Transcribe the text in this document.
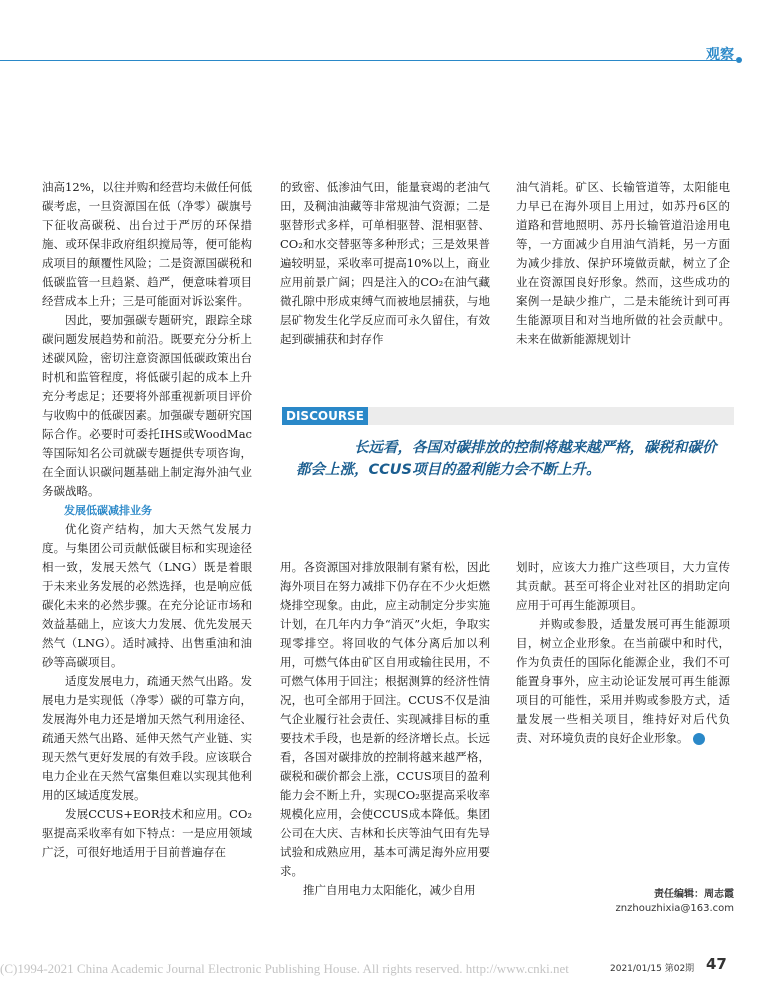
观察

油高12%，以往并购和经营均未做任何低碳考虑，一旦资源国在低（净零）碳旗号下征收高碳税、出台过于严厉的环保措施、或环保非政府组织搅局等，便可能构成项目的颠覆性风险；二是资源国碳税和低碳监管一旦趋紧、趋严，便意味着项目经营成本上升；三是可能面对诉讼案件。

因此，要加强碳专题研究，跟踪全球碳问题发展趋势和前沿。既要充分分析上述碳风险，密切注意资源国低碳政策出台时机和监管程度，将低碳引起的成本上升充分考虑足；还要将外部重视新项目评价与收购中的低碳因素。加强碳专题研究国际合作。必要时可委托IHS或WoodMac等国际知名公司就碳专题提供专项咨询，在全面认识碳问题基础上制定海外油气业务碳战略。

发展低碳减排业务

优化资产结构，加大天然气发展力度。与集团公司贡献低碳目标和实现途径相一致，发展天然气（LNG）既是着眼于未来业务发展的必然选择，也是响应低碳化未来的必然步骤。在充分论证市场和效益基础上，应该大力发展、优先发展天然气（LNG）。适时减持、出售重油和油砂等高碳项目。

适度发展电力，疏通天然气出路。发展电力是实现低（净零）碳的可靠方向，发展海外电力还是增加天然气利用途径、疏通天然气出路、延伸天然气产业链、实现天然气更好发展的有效手段。应该联合电力企业在天然气富集但难以实现其他利用的区域适度发展。

发展CCUS+EOR技术和应用。CO₂驱提高采收率有如下特点：一是应用领域广泛，可很好地适用于目前普遍存在

的致密、低渗油气田，能量衰竭的老油气田，及稠油油藏等非常规油气资源；二是驱替形式多样，可单相驱替、混相驱替、CO₂和水交替驱等多种形式；三是效果普遍较明显，采收率可提高10%以上，商业应用前景广阔；四是注入的CO₂在油气藏微孔隙中形成束缚气而被地层捕获，与地层矿物发生化学反应而可永久留住，有效起到碳捕获和封存作

油气消耗。矿区、长输管道等，太阳能电力早已在海外项目上用过，如苏丹6区的道路和营地照明、苏丹长输管道沿途用电等，一方面减少自用油气消耗，另一方面为减少排放、保护环境做贡献，树立了企业在资源国良好形象。然而，这些成功的案例一是缺少推广，二是未能统计到可再生能源项目和对当地所做的社会贡献中。未来在做新能源规划计

DISCOURSE
长远看，各国对碳排放的控制将越来越严格，碳税和碳价
都会上涨，CCUS项目的盈利能力会不断上升。

用。各资源国对排放限制有紧有松，因此海外项目在努力减排下仍存在不少火炬燃烧排空现象。由此，应主动制定分步实施计划，在几年内力争“消灭”火炬，争取实现零排空。将回收的气体分离后加以利用，可燃气体由矿区自用或输往民用，不可燃气体用于回注；根据测算的经济性情况，也可全部用于回注。CCUS不仅是油气企业履行社会责任、实现减排目标的重要技术手段，也是新的经济增长点。长远看，各国对碳排放的控制将越来越严格，碳税和碳价都会上涨，CCUS项目的盈利能力会不断上升，实现CO₂驱提高采收率规模化应用，会使CCUS成本降低。集团公司在大庆、吉林和长庆等油气田有先导试验和成熟应用，基本可满足海外应用要求。

推广自用电力太阳能化，减少自用

划时，应该大力推广这些项目，大力宣传其贡献。甚至可将企业对社区的捐助定向应用于可再生能源项目。

并购或参股，适量发展可再生能源项目，树立企业形象。在当前碳中和时代，作为负责任的国际化能源企业，我们不可能置身事外，应主动论证发展可再生能源项目的可能性，采用并购或参股方式，适量发展一些相关项目，维持好对后代负责、对环境负责的良好企业形象。

责任编辑：周志霞
znzhouzhixia@163.com
(C)1994-2021 China Academic Journal Electronic Publishing House. All rights reserved. http://www.cnki.net	2021/01/15 第02期 47
